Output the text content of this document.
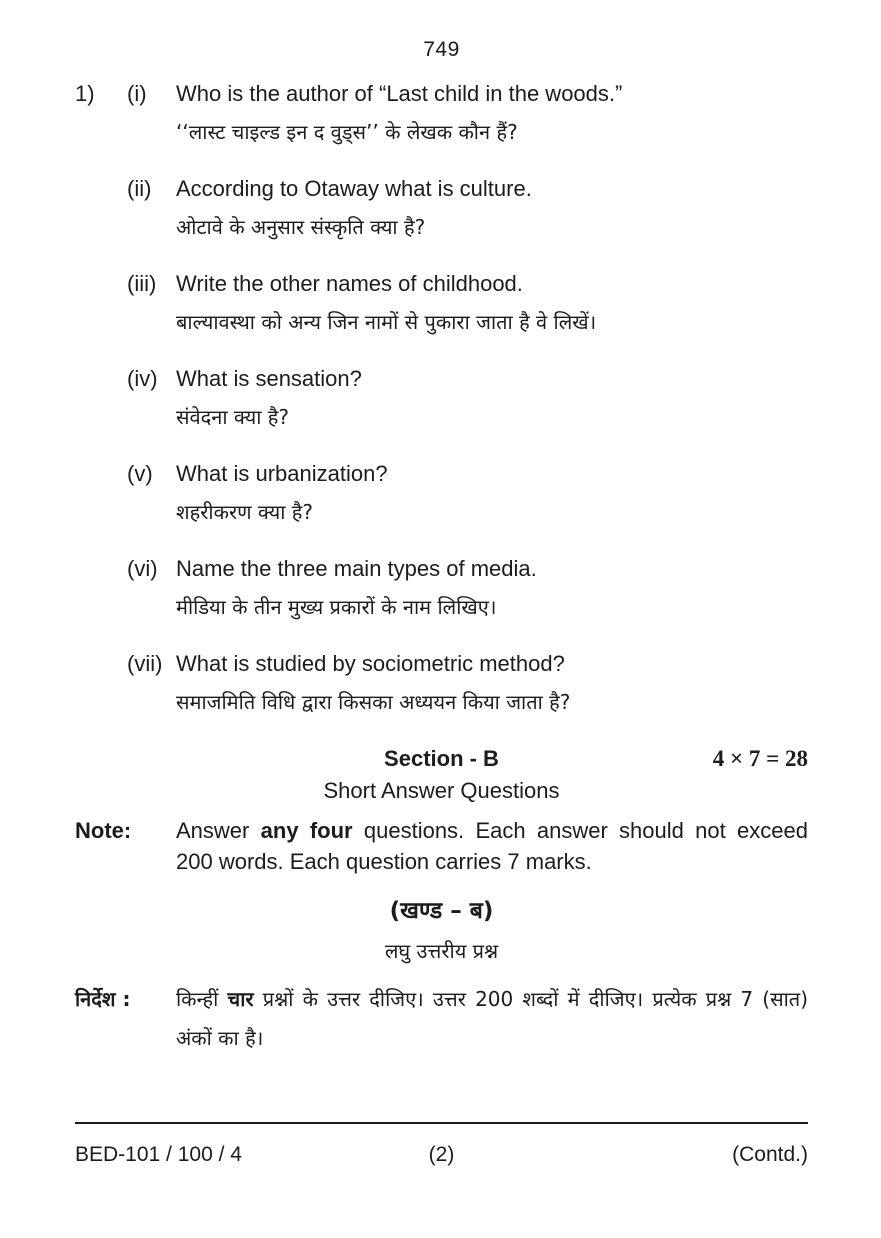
749
1)	(i)	Who is the author of “Last child in the woods.”
‘‘लास्ट चाइल्ड इन द वुड्स’’ के लेखक कौन हैं?
(ii)	According to Otaway what is culture.
ओटावे के अनुसार संस्कृति क्या है?
(iii) Write the other names of childhood.
बाल्यावस्था को अन्य जिन नामों से पुकारा जाता है वे लिखें।
(iv) What is sensation?
संवेदना क्या है?
(v)	What is urbanization?
शहरीकरण क्या है?
(vi) Name the three main types of media.
मीडिया के तीन मुख्य प्रकारों के नाम लिखिए।
(vii) What is studied by sociometric method?
समाजमिति विधि द्वारा किसका अध्ययन किया जाता है?
Section - B	4 × 7 = 28
Short Answer Questions
Note:	Answer any four questions. Each answer should not exceed 200 words. Each question carries 7 marks.
(खण्ड – ब)
लघु उत्तरीय प्रश्न
निर्देश :	किन्हीं चार प्रश्नों के उत्तर दीजिए। उत्तर 200 शब्दों में दीजिए। प्रत्येक प्रश्न 7 (सात) अंकों का है।
(2)
BED-101 / 100 / 4	(Contd.)
